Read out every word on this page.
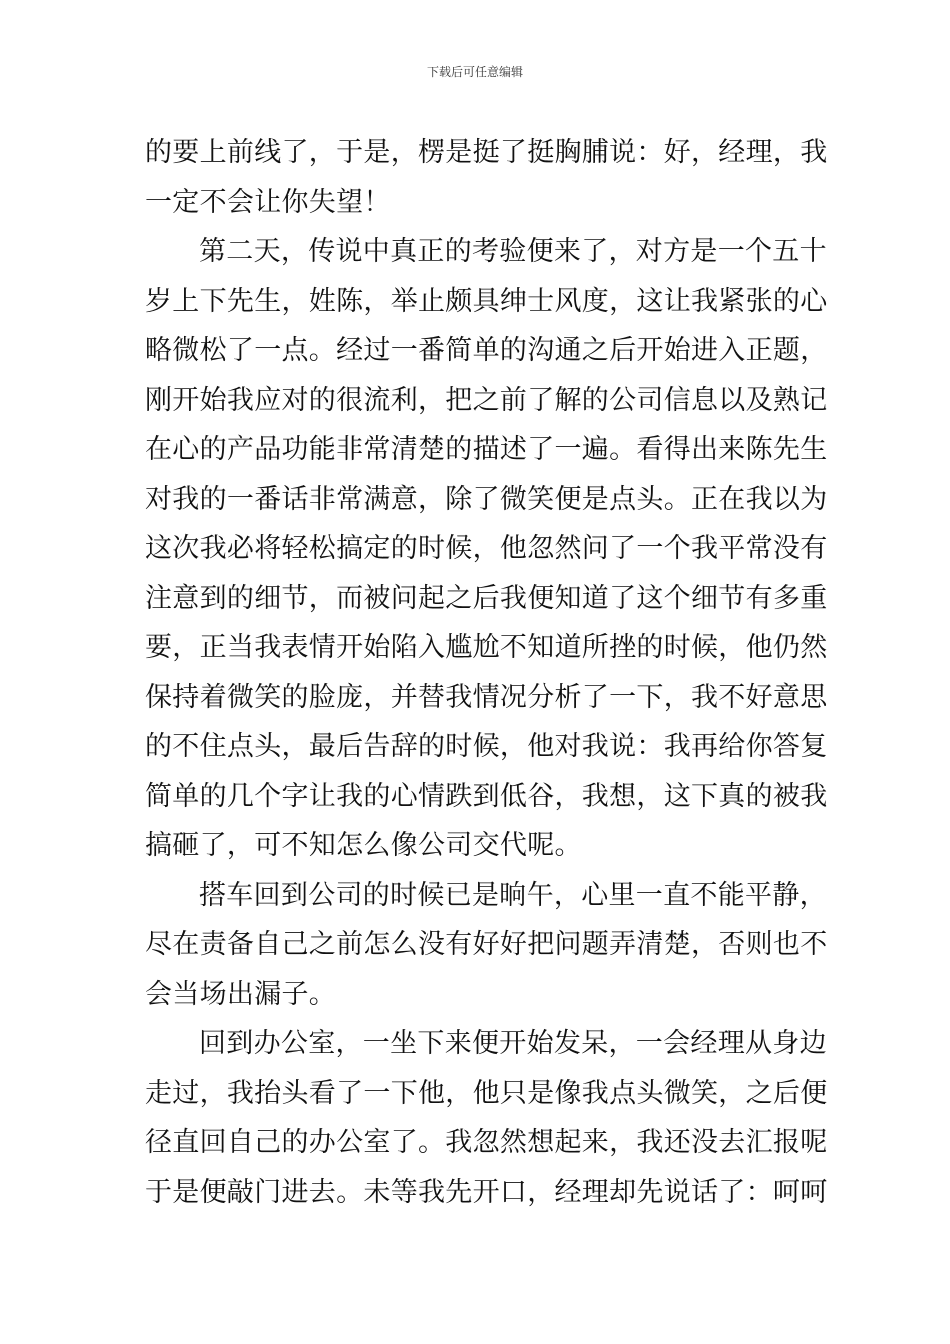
下载后可任意编辑
的要上前线了，于是，楞是挺了挺胸脯说：好，经理，我
一定不会让你失望！
第二天，传说中真正的考验便来了，对方是一个五十
岁上下先生，姓陈，举止颇具绅士风度，这让我紧张的心
略微松了一点。经过一番简单的沟通之后开始进入正题，
刚开始我应对的很流利，把之前了解的公司信息以及熟记
在心的产品功能非常清楚的描述了一遍。看得出来陈先生
对我的一番话非常满意，除了微笑便是点头。正在我以为
这次我必将轻松搞定的时候，他忽然问了一个我平常没有
注意到的细节，而被问起之后我便知道了这个细节有多重
要，正当我表情开始陷入尴尬不知道所挫的时候，他仍然
保持着微笑的脸庞，并替我情况分析了一下，我不好意思
的不住点头，最后告辞的时候，他对我说：我再给你答复
简单的几个字让我的心情跌到低谷，我想，这下真的被我
搞砸了，可不知怎么像公司交代呢。
搭车回到公司的时候已是晌午，心里一直不能平静，
尽在责备自己之前怎么没有好好把问题弄清楚，否则也不
会当场出漏子。
回到办公室，一坐下来便开始发呆，一会经理从身边
走过，我抬头看了一下他，他只是像我点头微笑，之后便
径直回自己的办公室了。我忽然想起来，我还没去汇报呢
于是便敲门进去。未等我先开口，经理却先说话了：呵呵
